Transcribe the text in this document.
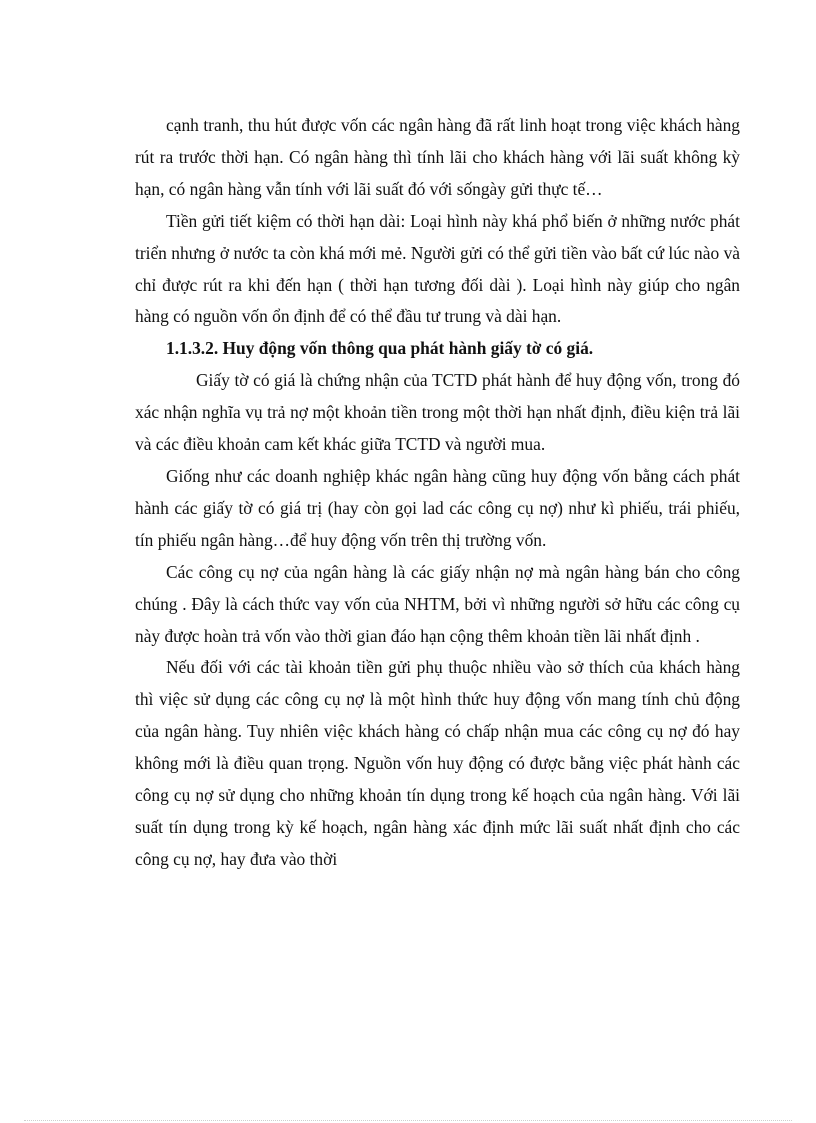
cạnh tranh, thu hút được vốn các ngân hàng đã rất linh hoạt trong việc khách hàng rút ra trước thời hạn. Có ngân hàng thì tính lãi cho khách hàng với lãi suất không kỳ hạn, có ngân hàng vẫn tính với lãi suất đó với sốngày gửi thực tế…

Tiền gửi tiết kiệm có thời hạn dài: Loại hình này khá phổ biến ở những nước phát triển nhưng ở nước ta còn khá mới mẻ. Người gửi có thể gửi tiền vào bất cứ lúc nào và chỉ được rút ra khi đến hạn ( thời hạn tương đối dài ). Loại hình này giúp cho ngân hàng có nguồn vốn ổn định để có thể đầu tư trung và dài hạn.

1.1.3.2. Huy động vốn thông qua phát hành giấy tờ có giá.

Giấy tờ có giá là chứng nhận của TCTD phát hành để huy động vốn, trong đó xác nhận nghĩa vụ trả nợ một khoản tiền trong một thời hạn nhất định, điều kiện trả lãi và các điều khoản cam kết khác giữa TCTD và người mua.

Giống như các doanh nghiệp khác ngân hàng cũng huy động vốn bằng cách phát hành các giấy tờ có giá trị (hay còn gọi lad các công cụ nợ) như kì phiếu, trái phiếu, tín phiếu ngân hàng…để huy động vốn trên thị trường vốn.

Các công cụ nợ của ngân hàng là các giấy nhận nợ mà ngân hàng bán cho công chúng . Đây là cách thức vay vốn của NHTM, bởi vì những người sở hữu các công cụ này được hoàn trả vốn vào thời gian đáo hạn cộng thêm khoản tiền lãi nhất định .

Nếu đối với các tài khoản tiền gửi phụ thuộc nhiều vào sở thích của khách hàng thì việc sử dụng các công cụ nợ là một hình thức huy động vốn mang tính chủ động của ngân hàng. Tuy nhiên việc khách hàng có chấp nhận mua các công cụ nợ đó hay không mới là điều quan trọng. Nguồn vốn huy động có được bằng việc phát hành các công cụ nợ sử dụng cho những khoản tín dụng trong kế hoạch của ngân hàng. Với lãi suất tín dụng trong kỳ kế hoạch, ngân hàng xác định mức lãi suất nhất định cho các công cụ nợ, hay đưa vào thời
